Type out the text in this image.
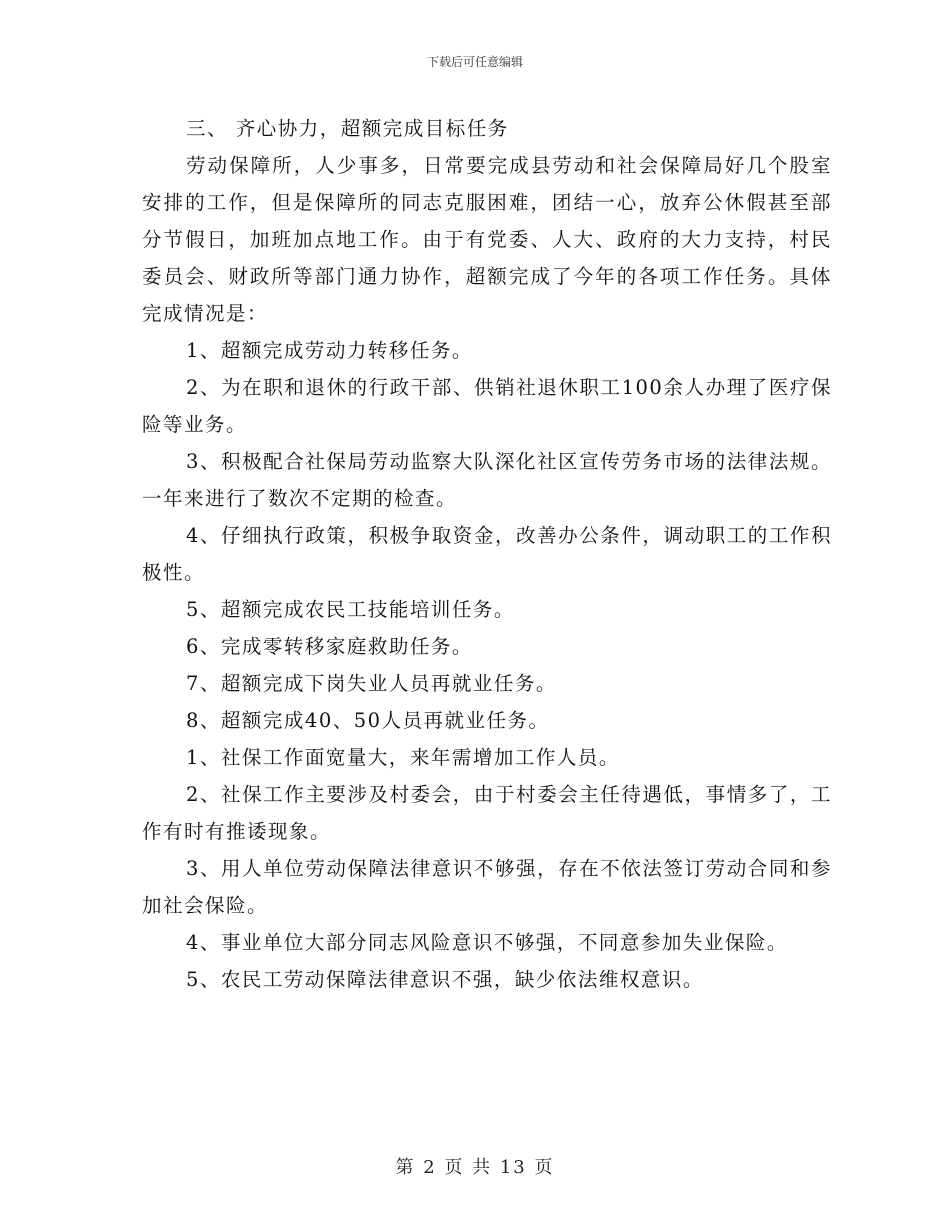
下载后可任意编辑

三、 齐心协力，超额完成目标任务

劳动保障所，人少事多，日常要完成县劳动和社会保障局好几个股室安排的工作，但是保障所的同志克服困难，团结一心，放弃公休假甚至部分节假日，加班加点地工作。由于有党委、人大、政府的大力支持，村民委员会、财政所等部门通力协作，超额完成了今年的各项工作任务。具体完成情况是：

1、超额完成劳动力转移任务。

2、为在职和退休的行政干部、供销社退休职工100余人办理了医疗保险等业务。

3、积极配合社保局劳动监察大队深化社区宣传劳务市场的法律法规。一年来进行了数次不定期的检查。

4、仔细执行政策，积极争取资金，改善办公条件，调动职工的工作积极性。

5、超额完成农民工技能培训任务。

6、完成零转移家庭救助任务。

7、超额完成下岗失业人员再就业任务。

8、超额完成40、50人员再就业任务。

1、社保工作面宽量大，来年需增加工作人员。

2、社保工作主要涉及村委会，由于村委会主任待遇低，事情多了，工作有时有推诿现象。

3、用人单位劳动保障法律意识不够强，存在不依法签订劳动合同和参加社会保险。

4、事业单位大部分同志风险意识不够强，不同意参加失业保险。

5、农民工劳动保障法律意识不强，缺少依法维权意识。

第 2 页 共 13 页
